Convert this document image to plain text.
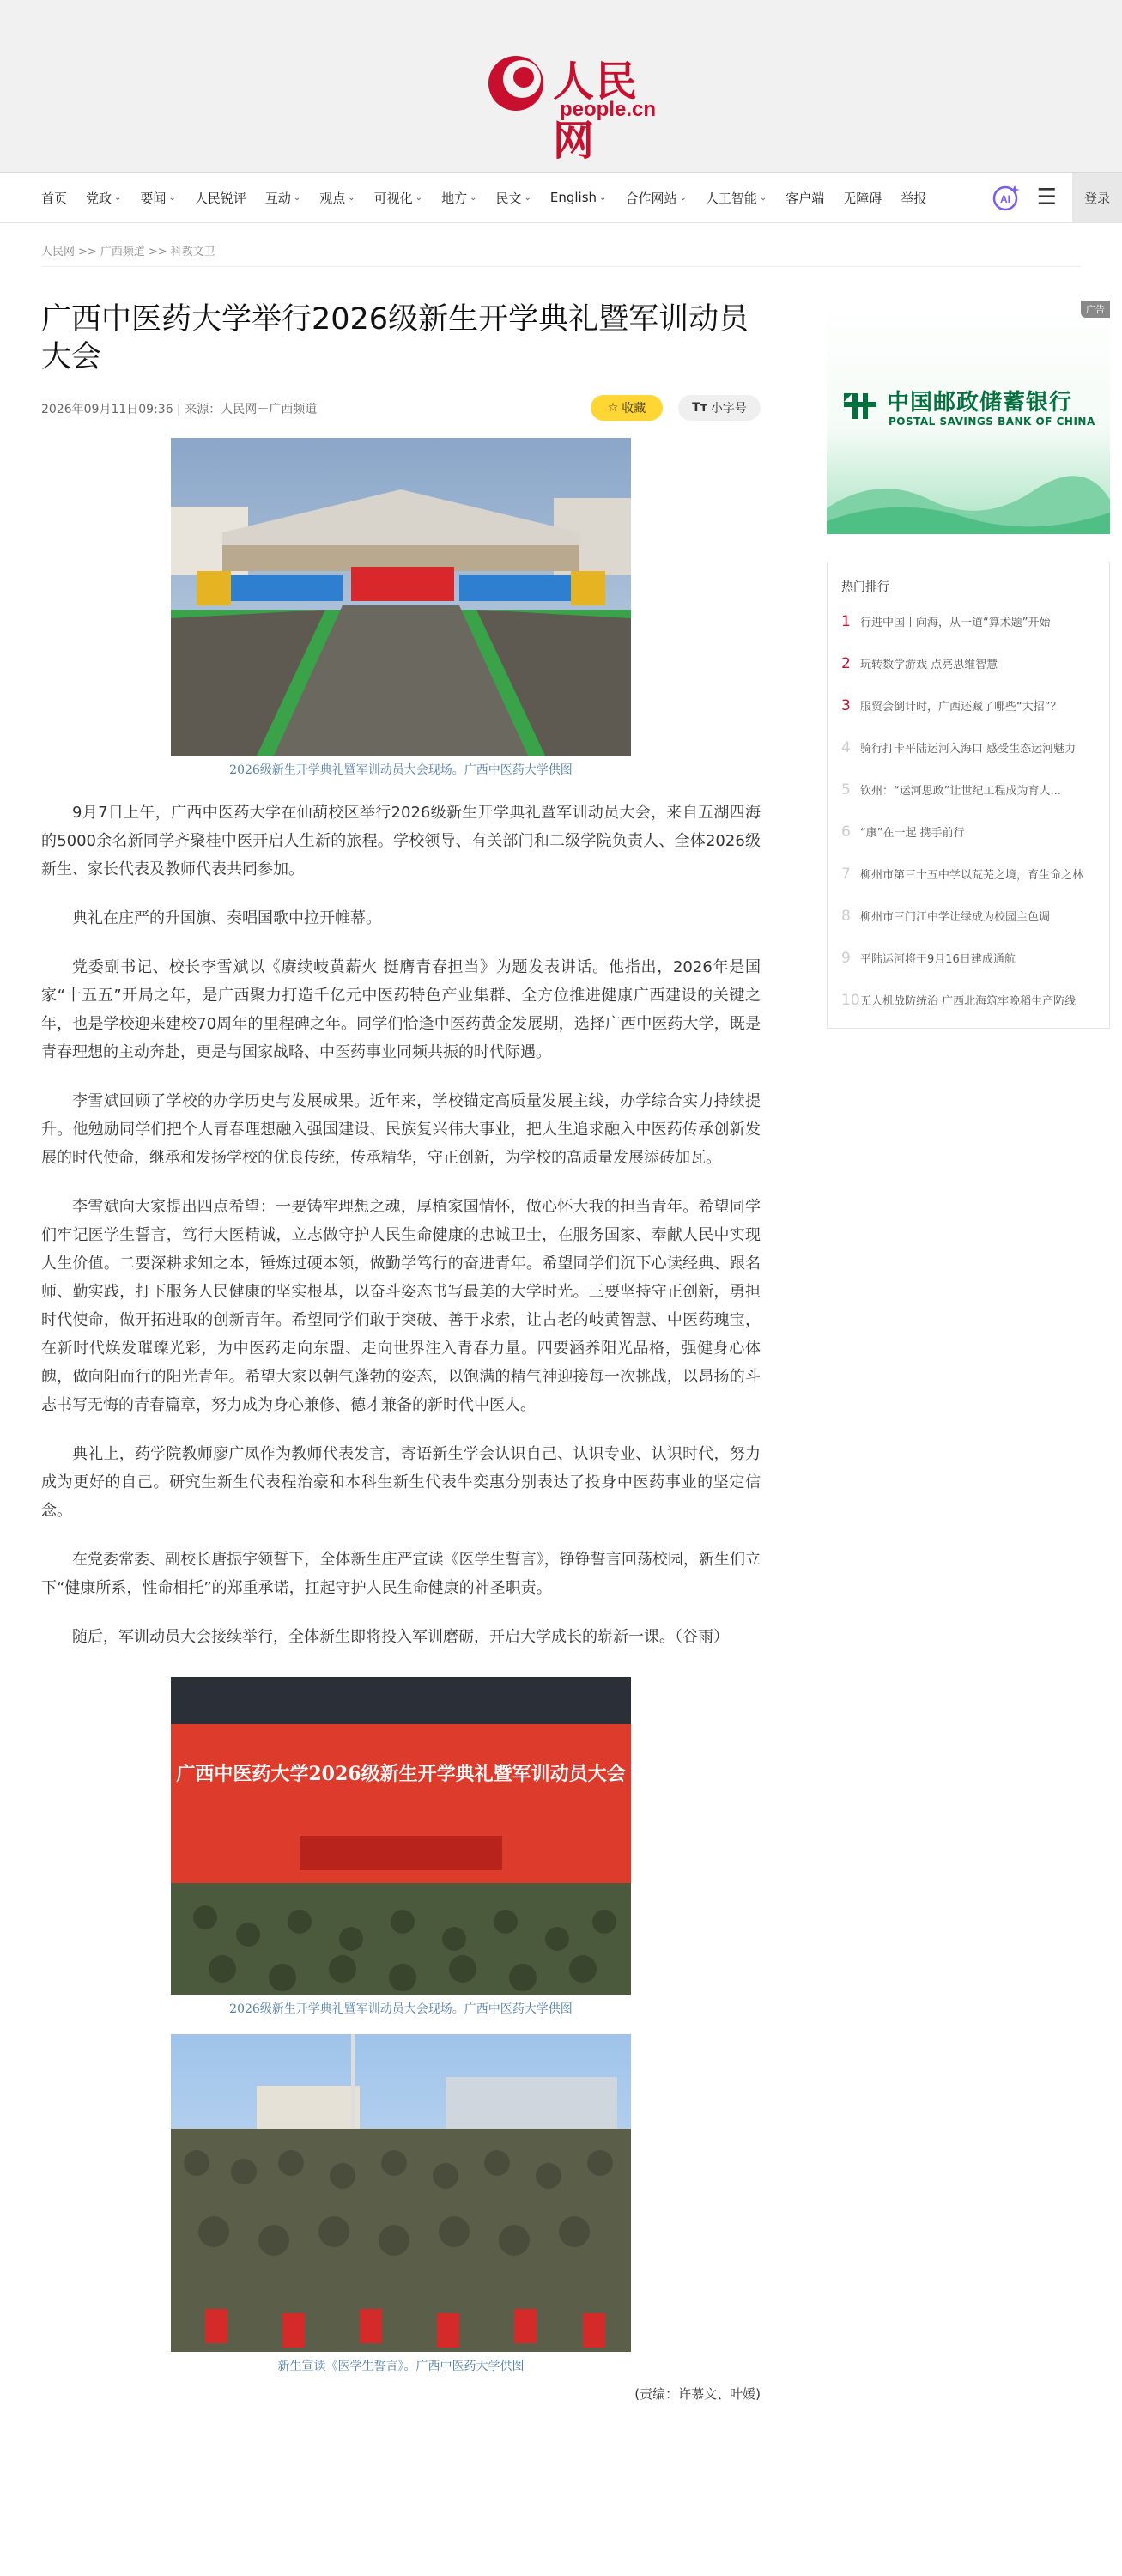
人民网
people.cn
首页 党政 ⌄ 要闻 ⌄ 人民锐评 互动 ⌄ 观点 ⌄ 可视化 ⌄ 地方 ⌄ 民文 ⌄ English ⌄ 合作网站 ⌄ 人工智能 ⌄ 客户端 无障碍 举报	AI ☰	登录
人民网 >> 广西频道 >> 科教文卫
广西中医药大学举行2026级新生开学典礼暨军训动员大会
2026年09月11日09:36 | 来源：人民网－广西频道	☆ 收藏	Tт 小字号
2026级新生开学典礼暨军训动员大会现场。广西中医药大学供图

9月7日上午，广西中医药大学在仙葫校区举行2026级新生开学典礼暨军训动员大会，来自五湖四海的5000余名新同学齐聚桂中医开启人生新的旅程。学校领导、有关部门和二级学院负责人、全体2026级新生、家长代表及教师代表共同参加。

典礼在庄严的升国旗、奏唱国歌中拉开帷幕。

党委副书记、校长李雪斌以《赓续岐黄薪火 挺膺青春担当》为题发表讲话。他指出，2026年是国家“十五五”开局之年，是广西聚力打造千亿元中医药特色产业集群、全方位推进健康广西建设的关键之年，也是学校迎来建校70周年的里程碑之年。同学们恰逢中医药黄金发展期，选择广西中医药大学，既是青春理想的主动奔赴，更是与国家战略、中医药事业同频共振的时代际遇。

李雪斌回顾了学校的办学历史与发展成果。近年来，学校锚定高质量发展主线，办学综合实力持续提升。他勉励同学们把个人青春理想融入强国建设、民族复兴伟大事业，把人生追求融入中医药传承创新发展的时代使命，继承和发扬学校的优良传统，传承精华，守正创新，为学校的高质量发展添砖加瓦。

李雪斌向大家提出四点希望：一要铸牢理想之魂，厚植家国情怀，做心怀大我的担当青年。希望同学们牢记医学生誓言，笃行大医精诚，立志做守护人民生命健康的忠诚卫士，在服务国家、奉献人民中实现人生价值。二要深耕求知之本，锤炼过硬本领，做勤学笃行的奋进青年。希望同学们沉下心读经典、跟名师、勤实践，打下服务人民健康的坚实根基，以奋斗姿态书写最美的大学时光。三要坚持守正创新，勇担时代使命，做开拓进取的创新青年。希望同学们敢于突破、善于求索，让古老的岐黄智慧、中医药瑰宝，在新时代焕发璀璨光彩，为中医药走向东盟、走向世界注入青春力量。四要涵养阳光品格，强健身心体魄，做向阳而行的阳光青年。希望大家以朝气蓬勃的姿态，以饱满的精气神迎接每一次挑战，以昂扬的斗志书写无悔的青春篇章，努力成为身心兼修、德才兼备的新时代中医人。

典礼上，药学院教师廖广凤作为教师代表发言，寄语新生学会认识自己、认识专业、认识时代，努力成为更好的自己。研究生新生代表程治豪和本科生新生代表牛奕惠分别表达了投身中医药事业的坚定信念。

在党委常委、副校长唐振宇领誓下，全体新生庄严宣读《医学生誓言》，铮铮誓言回荡校园，新生们立下“健康所系，性命相托”的郑重承诺，扛起守护人民生命健康的神圣职责。

随后，军训动员大会接续举行，全体新生即将投入军训磨砺，开启大学成长的崭新一课。（谷雨）

广西中医药大学2026级新生开学典礼暨军训动员大会
2026级新生开学典礼暨军训动员大会现场。广西中医药大学供图
新生宣读《医学生誓言》。广西中医药大学供图
(责编：许慕文、叶媛)
广告
中国邮政储蓄银行
POSTAL SAVINGS BANK OF CHINA
热门排行
1 行进中国丨向海，从一道“算术题”开始
2 玩转数学游戏 点亮思维智慧
3 服贸会倒计时，广西还藏了哪些“大招”？
4 骑行打卡平陆运河入海口 感受生态运河魅力
5 钦州：“运河思政”让世纪工程成为育人...
6 “康”在一起 携手前行
7 柳州市第三十五中学以荒芜之境，育生命之林
8 柳州市三门江中学让绿成为校园主色调
9 平陆运河将于9月16日建成通航
10 无人机战防统治 广西北海筑牢晚稻生产防线
